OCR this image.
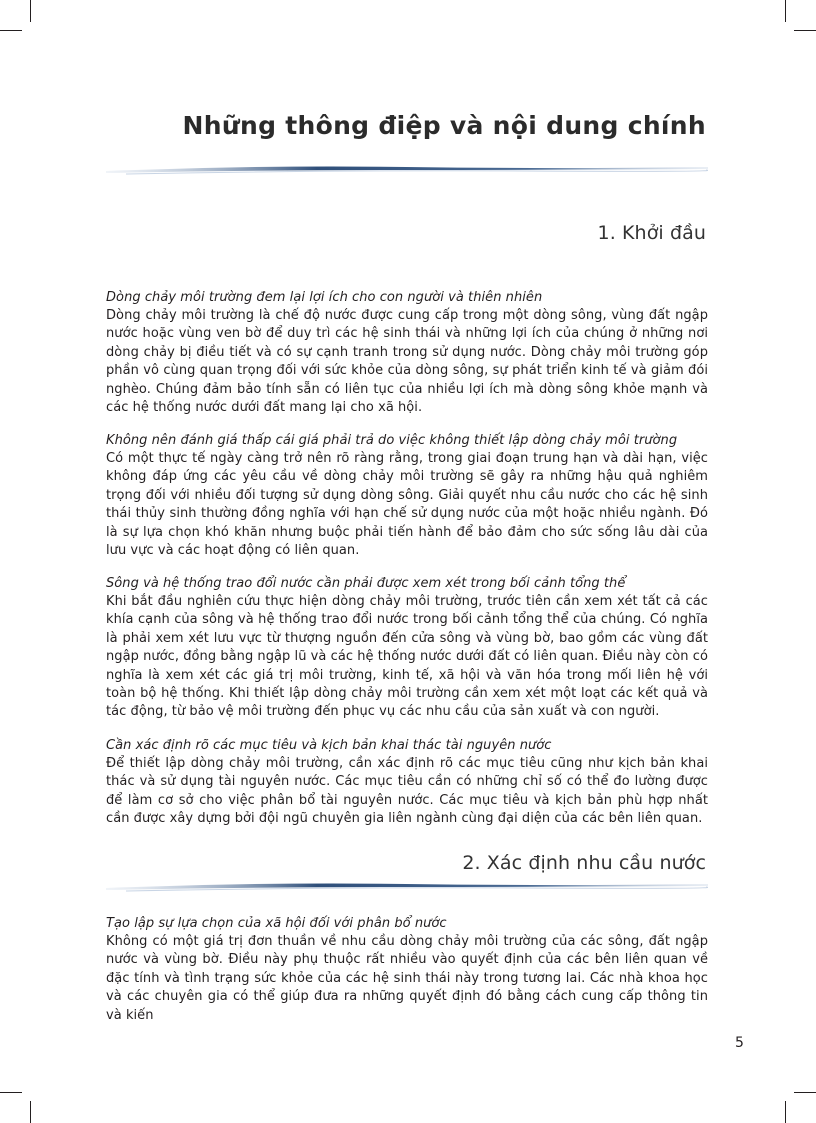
Những thông điệp và nội dung chính
1. Khởi đầu

Dòng chảy môi trường đem lại lợi ích cho con người và thiên nhiên

Dòng chảy môi trường là chế độ nước được cung cấp trong một dòng sông, vùng đất ngập nước hoặc vùng ven bờ để duy trì các hệ sinh thái và những lợi ích của chúng ở những nơi dòng chảy bị điều tiết và có sự cạnh tranh trong sử dụng nước. Dòng chảy môi trường góp phần vô cùng quan trọng đối với sức khỏe của dòng sông, sự phát triển kinh tế và giảm đói nghèo. Chúng đảm bảo tính sẵn có liên tục của nhiều lợi ích mà dòng sông khỏe mạnh và các hệ thống nước dưới đất mang lại cho xã hội.

Không nên đánh giá thấp cái giá phải trả do việc không thiết lập dòng chảy môi trường

Có một thực tế ngày càng trở nên rõ ràng rằng, trong giai đoạn trung hạn và dài hạn, việc không đáp ứng các yêu cầu về dòng chảy môi trường sẽ gây ra những hậu quả nghiêm trọng đối với nhiều đối tượng sử dụng dòng sông. Giải quyết nhu cầu nước cho các hệ sinh thái thủy sinh thường đồng nghĩa với hạn chế sử dụng nước của một hoặc nhiều ngành. Đó là sự lựa chọn khó khăn nhưng buộc phải tiến hành để bảo đảm cho sức sống lâu dài của lưu vực và các hoạt động có liên quan.

Sông và hệ thống trao đổi nước cần phải được xem xét trong bối cảnh tổng thể

Khi bắt đầu nghiên cứu thực hiện dòng chảy môi trường, trước tiên cần xem xét tất cả các khía cạnh của sông và hệ thống trao đổi nước trong bối cảnh tổng thể của chúng. Có nghĩa là phải xem xét lưu vực từ thượng nguồn đến cửa sông và vùng bờ, bao gồm các vùng đất ngập nước, đồng bằng ngập lũ và các hệ thống nước dưới đất có liên quan. Điều này còn có nghĩa là xem xét các giá trị môi trường, kinh tế, xã hội và văn hóa trong mối liên hệ với toàn bộ hệ thống. Khi thiết lập dòng chảy môi trường cần xem xét một loạt các kết quả và tác động, từ bảo vệ môi trường đến phục vụ các nhu cầu của sản xuất và con người.

Cần xác định rõ các mục tiêu và kịch bản khai thác tài nguyên nước

Để thiết lập dòng chảy môi trường, cần xác định rõ các mục tiêu cũng như kịch bản khai thác và sử dụng tài nguyên nước. Các mục tiêu cần có những chỉ số có thể đo lường được để làm cơ sở cho việc phân bổ tài nguyên nước. Các mục tiêu và kịch bản phù hợp nhất cần được xây dựng bởi đội ngũ chuyên gia liên ngành cùng đại diện của các bên liên quan.

2. Xác định nhu cầu nước

Tạo lập sự lựa chọn của xã hội đối với phân bổ nước

Không có một giá trị đơn thuần về nhu cầu dòng chảy môi trường của các sông, đất ngập nước và vùng bờ. Điều này phụ thuộc rất nhiều vào quyết định của các bên liên quan về đặc tính và tình trạng sức khỏe của các hệ sinh thái này trong tương lai. Các nhà khoa học và các chuyên gia có thể giúp đưa ra những quyết định đó bằng cách cung cấp thông tin và kiến

5
